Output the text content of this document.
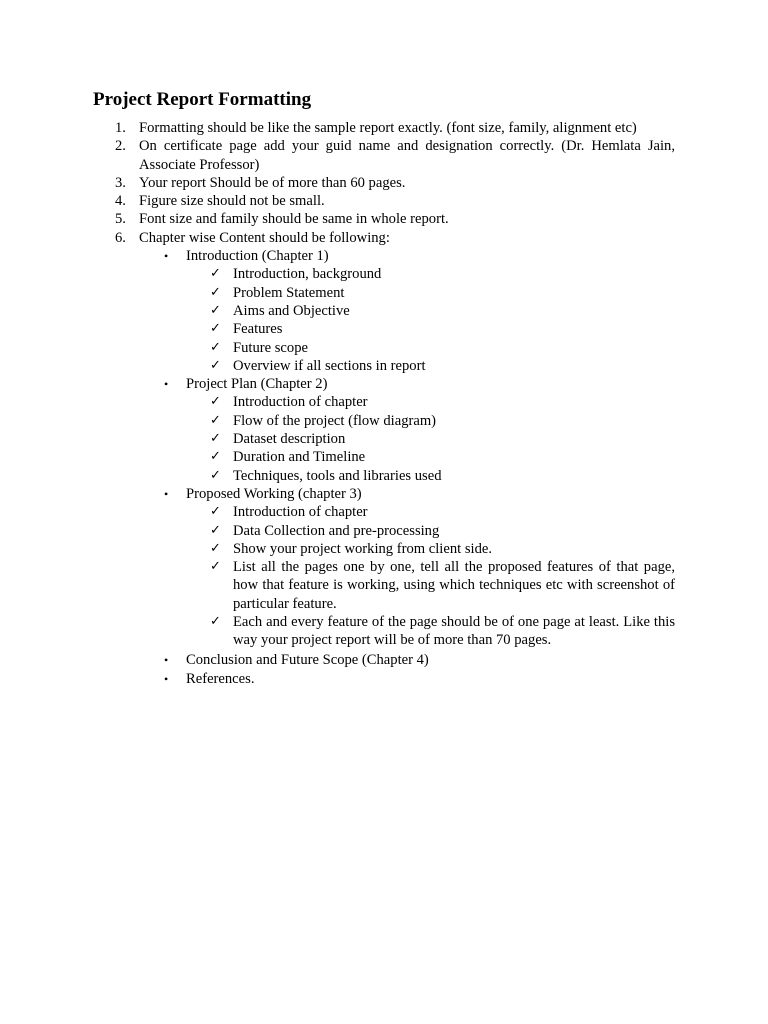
Project Report Formatting
1. Formatting should be like the sample report exactly. (font size, family, alignment etc)
2. On certificate page add your guid name and designation correctly. (Dr. Hemlata Jain, Associate Professor)
3. Your report Should be of more than 60 pages.
4. Figure size should not be small.
5. Font size and family should be same in whole report.
6. Chapter wise Content should be following:
• Introduction (Chapter 1)
✓ Introduction, background
✓ Problem Statement
✓ Aims and Objective
✓ Features
✓ Future scope
✓ Overview if all sections in report
• Project Plan (Chapter 2)
✓ Introduction of chapter
✓ Flow of the project (flow diagram)
✓ Dataset description
✓ Duration and Timeline
✓ Techniques, tools and libraries used
• Proposed Working (chapter 3)
✓ Introduction of chapter
✓ Data Collection and pre-processing
✓ Show your project working from client side.
✓ List all the pages one by one, tell all the proposed features of that page, how that feature is working, using which techniques etc with screenshot of particular feature.
✓ Each and every feature of the page should be of one page at least. Like this way your project report will be of more than 70 pages.
• Conclusion and Future Scope (Chapter 4)
• References.
